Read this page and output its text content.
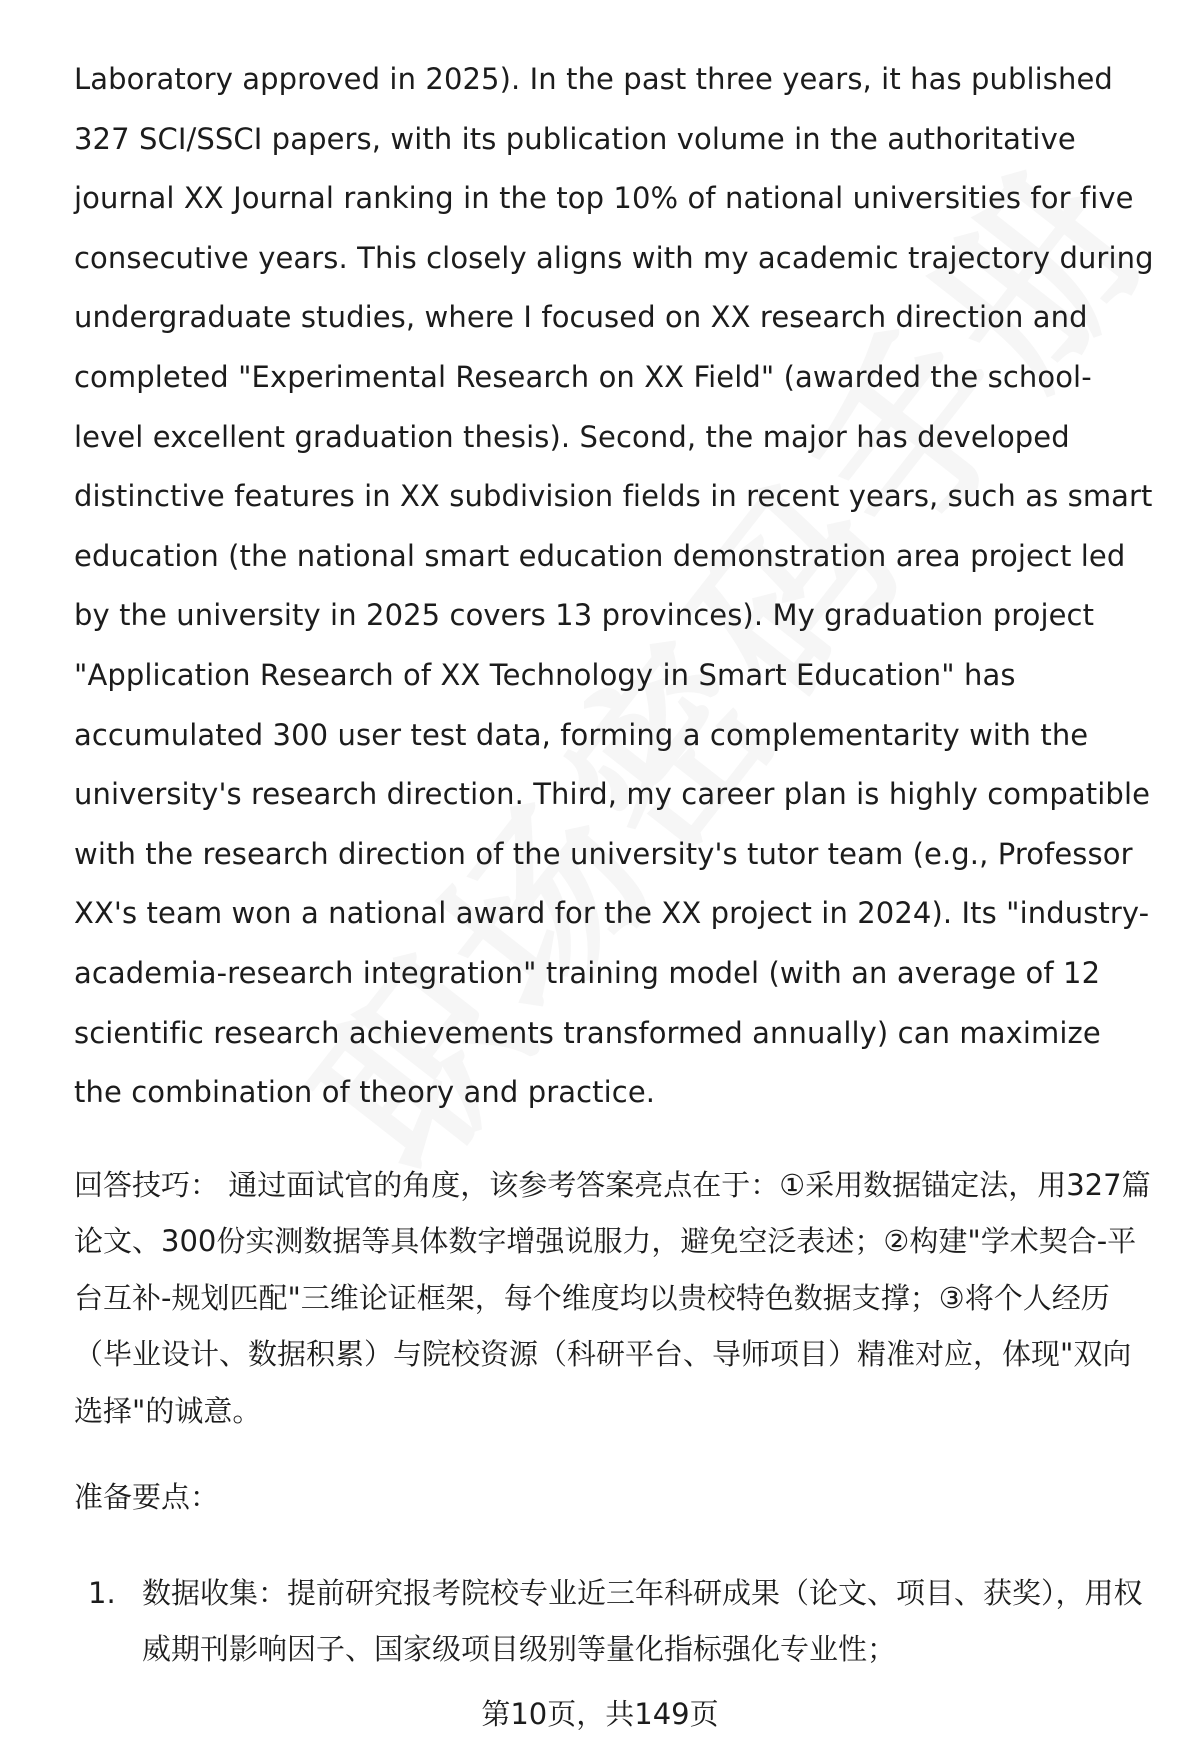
Laboratory approved in 2025). In the past three years, it has published 327 SCI/SSCI papers, with its publication volume in the authoritative journal XX Journal ranking in the top 10% of national universities for five consecutive years. This closely aligns with my academic trajectory during undergraduate studies, where I focused on XX research direction and completed "Experimental Research on XX Field" (awarded the school-level excellent graduation thesis). Second, the major has developed distinctive features in XX subdivision fields in recent years, such as smart education (the national smart education demonstration area project led by the university in 2025 covers 13 provinces). My graduation project "Application Research of XX Technology in Smart Education" has accumulated 300 user test data, forming a complementarity with the university's research direction. Third, my career plan is highly compatible with the research direction of the university's tutor team (e.g., Professor XX's team won a national award for the XX project in 2024). Its "industry-academia-research integration" training model (with an average of 12 scientific research achievements transformed annually) can maximize the combination of theory and practice.

回答技巧： 通过面试官的角度，该参考答案亮点在于：①采用数据锚定法，用327篇论文、300份实测数据等具体数字增强说服力，避免空泛表述；②构建"学术契合-平台互补-规划匹配"三维论证框架，每个维度均以贵校特色数据支撑；③将个人经历（毕业设计、数据积累）与院校资源（科研平台、导师项目）精准对应，体现"双向选择"的诚意。

准备要点：

1. 数据收集：提前研究报考院校专业近三年科研成果（论文、项目、获奖），用权威期刊影响因子、国家级项目级别等量化指标强化专业性；
第10页，共149页
